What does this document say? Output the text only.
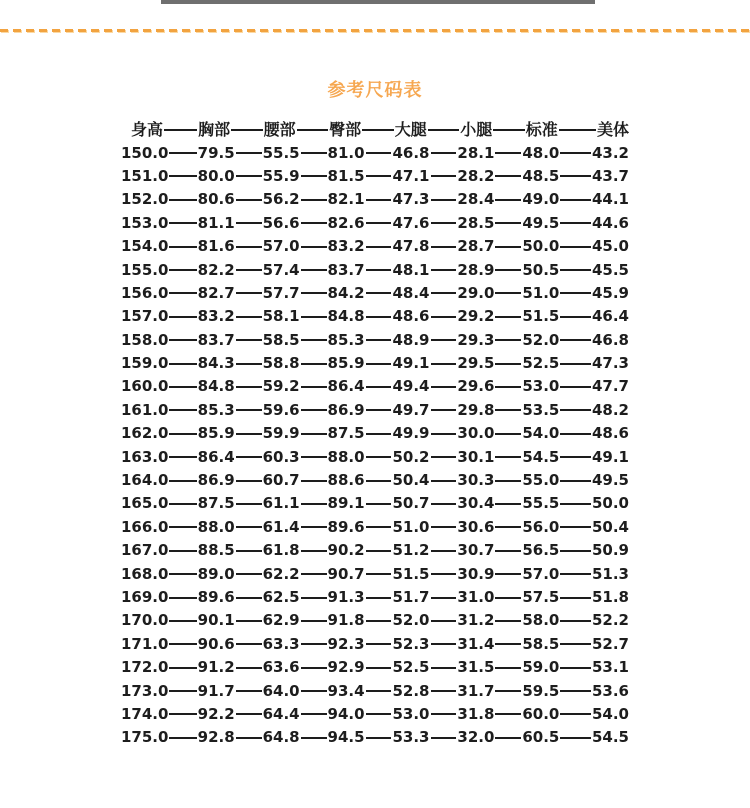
参考尺码表
身高 胸部 腰部 臀部 大腿 小腿 标准 美体
150.0 79.5 55.5 81.0 46.8 28.1 48.0 43.2
151.0 80.0 55.9 81.5 47.1 28.2 48.5 43.7
152.0 80.6 56.2 82.1 47.3 28.4 49.0 44.1
153.0 81.1 56.6 82.6 47.6 28.5 49.5 44.6
154.0 81.6 57.0 83.2 47.8 28.7 50.0 45.0
155.0 82.2 57.4 83.7 48.1 28.9 50.5 45.5
156.0 82.7 57.7 84.2 48.4 29.0 51.0 45.9
157.0 83.2 58.1 84.8 48.6 29.2 51.5 46.4
158.0 83.7 58.5 85.3 48.9 29.3 52.0 46.8
159.0 84.3 58.8 85.9 49.1 29.5 52.5 47.3
160.0 84.8 59.2 86.4 49.4 29.6 53.0 47.7
161.0 85.3 59.6 86.9 49.7 29.8 53.5 48.2
162.0 85.9 59.9 87.5 49.9 30.0 54.0 48.6
163.0 86.4 60.3 88.0 50.2 30.1 54.5 49.1
164.0 86.9 60.7 88.6 50.4 30.3 55.0 49.5
165.0 87.5 61.1 89.1 50.7 30.4 55.5 50.0
166.0 88.0 61.4 89.6 51.0 30.6 56.0 50.4
167.0 88.5 61.8 90.2 51.2 30.7 56.5 50.9
168.0 89.0 62.2 90.7 51.5 30.9 57.0 51.3
169.0 89.6 62.5 91.3 51.7 31.0 57.5 51.8
170.0 90.1 62.9 91.8 52.0 31.2 58.0 52.2
171.0 90.6 63.3 92.3 52.3 31.4 58.5 52.7
172.0 91.2 63.6 92.9 52.5 31.5 59.0 53.1
173.0 91.7 64.0 93.4 52.8 31.7 59.5 53.6
174.0 92.2 64.4 94.0 53.0 31.8 60.0 54.0
175.0 92.8 64.8 94.5 53.3 32.0 60.5 54.5
